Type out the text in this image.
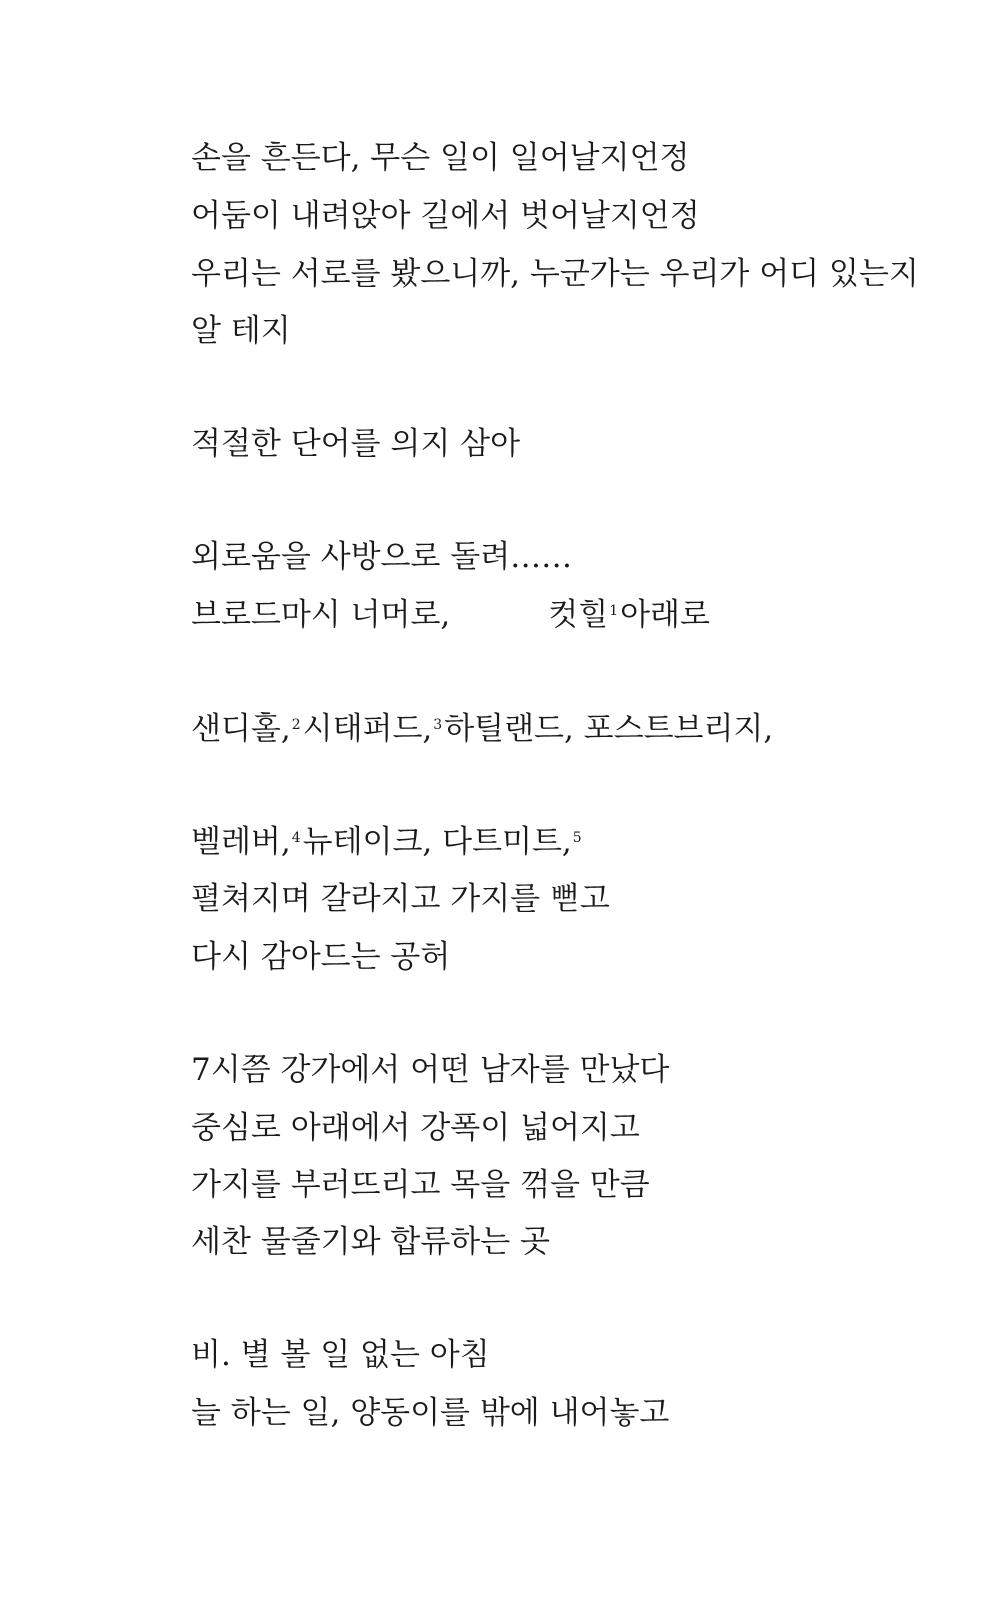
손을 흔든다, 무슨 일이 일어날지언정
어둠이 내려앉아 길에서 벗어날지언정
우리는 서로를 봤으니까, 누군가는 우리가 어디 있는지
알 테지
적절한 단어를 의지 삼아
외로움을 사방으로 돌려……
브로드마시 너머로,	컷힐$^1$아래로
샌디홀,$^2$시태퍼드,$^3$하틸랜드, 포스트브리지,
벨레버,$^4$뉴테이크, 다트미트,$^5$
펼쳐지며 갈라지고 가지를 뻗고
다시 감아드는 공허
7시쯤 강가에서 어떤 남자를 만났다
중심로 아래에서 강폭이 넓어지고
가지를 부러뜨리고 목을 꺾을 만큼
세찬 물줄기와 합류하는 곳
비. 별 볼 일 없는 아침
늘 하는 일, 양동이를 밖에 내어놓고
